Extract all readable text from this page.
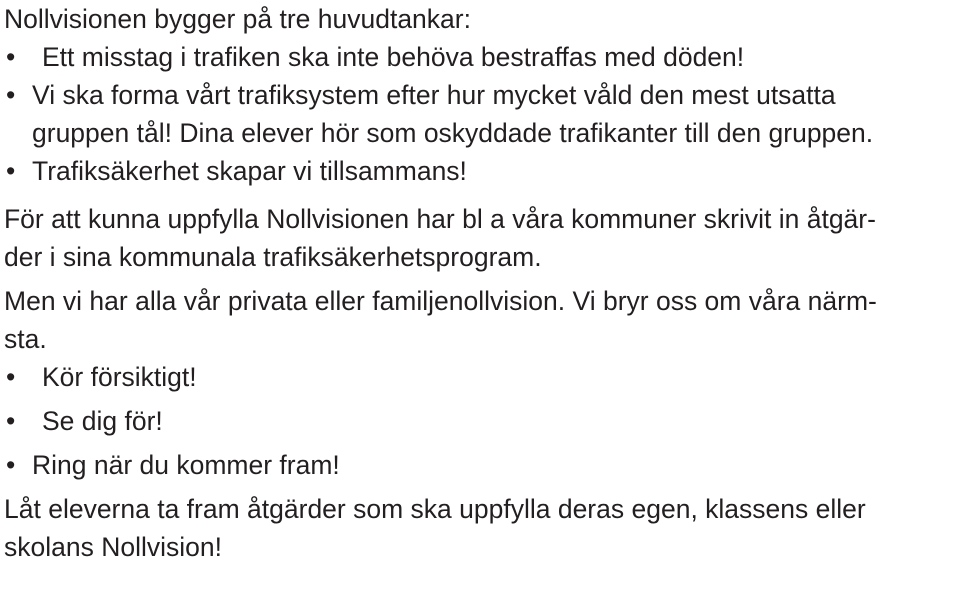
Nollvisionen bygger på tre huvudtankar:
• Ett misstag i trafiken ska inte behöva bestraffas med döden!
• Vi ska forma vårt trafiksystem efter hur mycket våld den mest utsatta
gruppen tål! Dina elever hör som oskyddade trafikanter till den gruppen.
• Trafiksäkerhet skapar vi tillsammans!
För att kunna uppfylla Nollvisionen har bl a våra kommuner skrivit in åtgär-
der i sina kommunala trafiksäkerhetsprogram.
Men vi har alla vår privata eller familjenollvision. Vi bryr oss om våra närm-
sta.
• Kör försiktigt!
• Se dig för!
• Ring när du kommer fram!
Låt eleverna ta fram åtgärder som ska uppfylla deras egen, klassens eller
skolans Nollvision!
